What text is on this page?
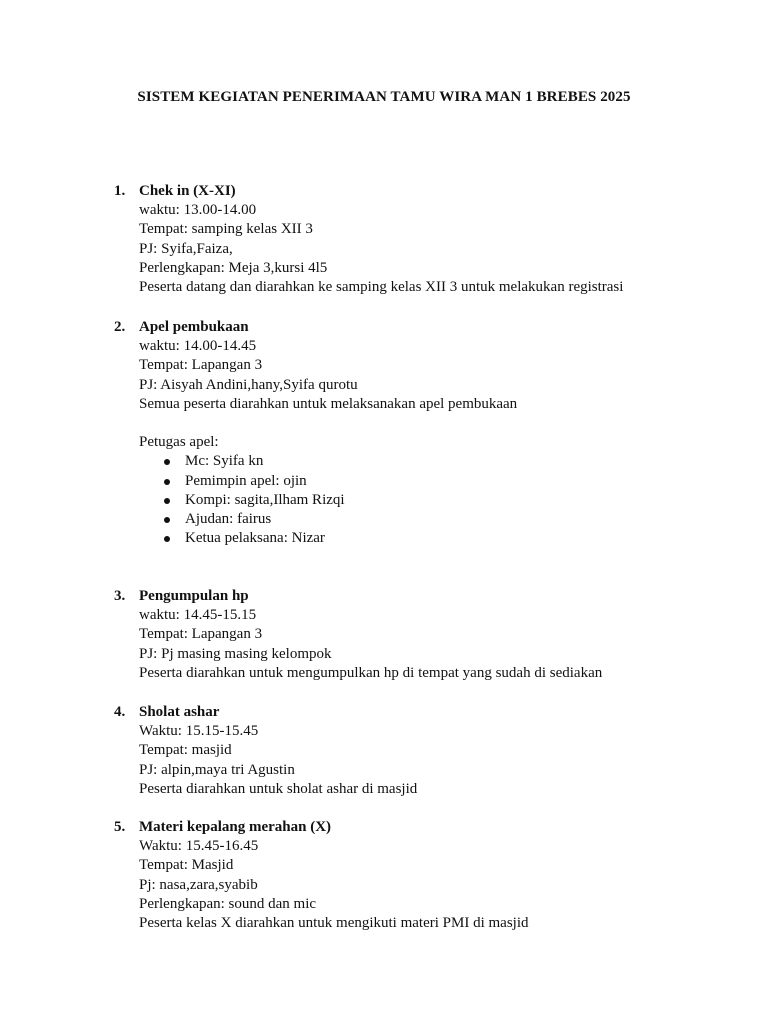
SISTEM KEGIATAN PENERIMAAN TAMU WIRA MAN 1 BREBES 2025
1. Chek in (X-XI)
waktu: 13.00-14.00
Tempat: samping kelas XII 3
PJ: Syifa,Faiza,
Perlengkapan: Meja 3,kursi 4l5
Peserta datang dan diarahkan ke samping kelas XII 3 untuk melakukan registrasi
2. Apel pembukaan
waktu: 14.00-14.45
Tempat: Lapangan 3
PJ: Aisyah Andini,hany,Syifa qurotu
Semua peserta diarahkan untuk melaksanakan apel pembukaan
Petugas apel:
Mc: Syifa kn
Pemimpin apel: ojin
Kompi: sagita,Ilham Rizqi
Ajudan: fairus
Ketua pelaksana: Nizar
3. Pengumpulan hp
waktu: 14.45-15.15
Tempat: Lapangan 3
PJ: Pj masing masing kelompok
Peserta diarahkan untuk mengumpulkan hp di tempat yang sudah di sediakan
4. Sholat ashar
Waktu: 15.15-15.45
Tempat: masjid
PJ: alpin,maya tri Agustin
Peserta diarahkan untuk sholat ashar di masjid
5. Materi kepalang merahan (X)
Waktu: 15.45-16.45
Tempat: Masjid
Pj: nasa,zara,syabib
Perlengkapan: sound dan mic
Peserta kelas X diarahkan untuk mengikuti materi PMI di masjid
